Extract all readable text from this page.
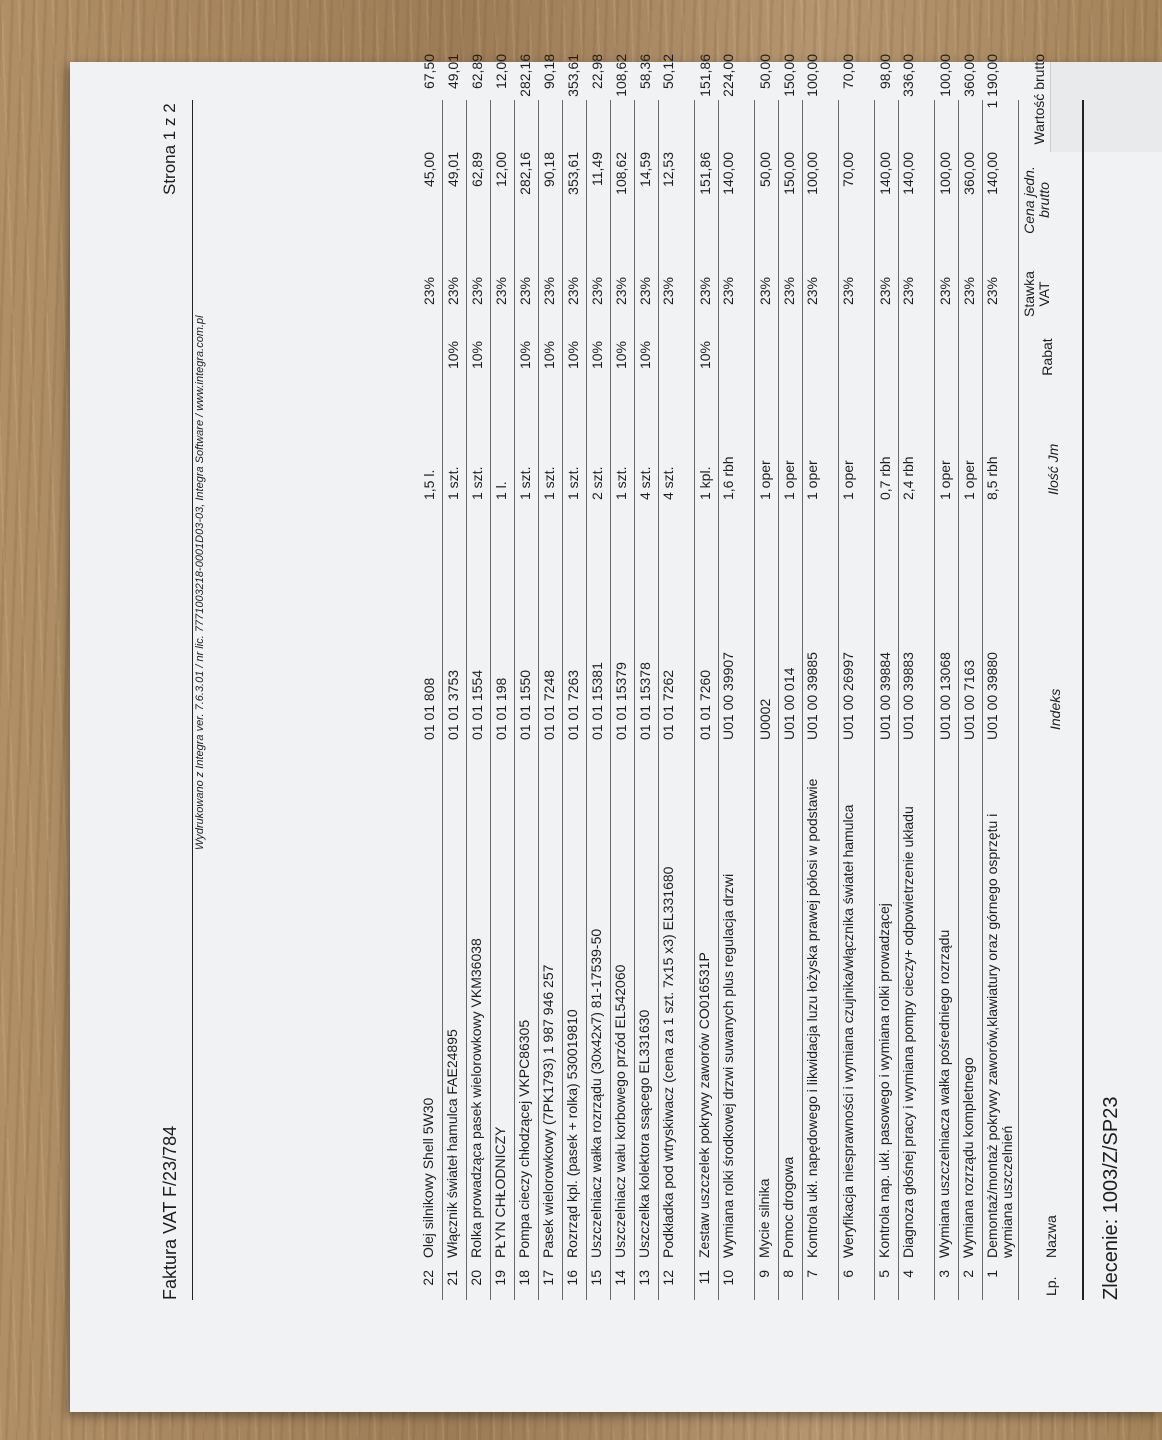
Zlecenie: 1003/Z/SP23
Lp.
Nazwa
Indeks
Ilość Jm
Rabat
Stawka VAT
Cena jedn. brutto
Wartość brutto
1
Demontaż/montaż pokrywy zaworów,klawiatury oraz górnego osprzętu i wymiana uszczelnień
U01 00 39880
8,5 rbh
23%
140,00
1 190,00
2
Wymiana rozrządu kompletnego
U01 00 7163
1 oper
23%
360,00
360,00
3
Wymiana uszczelniacza wałka pośredniego rozrządu
U01 00 13068
1 oper
23%
100,00
100,00
4
Diagnoza głośnej pracy i wymiana pompy cieczy+ odpowietrzenie układu
U01 00 39883
2,4 rbh
23%
140,00
336,00
5
Kontrola nap. ukł. pasowego i wymiana rolki prowadzącej
U01 00 39884
0,7 rbh
23%
140,00
98,00
6
Weryfikacja niesprawności i wymiana czujnika/włącznika świateł hamulca
U01 00 26997
1 oper
23%
70,00
70,00
7
Kontrola ukł. napędowego i likwidacja luzu łożyska prawej półosi w podstawie
U01 00 39885
1 oper
23%
100,00
100,00
8
Pomoc drogowa
U01 00 014
1 oper
23%
150,00
150,00
9
Mycie silnika
U0002
1 oper
23%
50,00
50,00
10
Wymiana rolki środkowej drzwi suwanych plus regulacja drzwi
U01 00 39907
1,6 rbh
23%
140,00
224,00
11
Zestaw uszczelek pokrywy zaworów CO016531P
01 01 7260
1 kpl.
10%
23%
151,86
151,86
12
Podkładka pod wtryskiwacz (cena za 1 szt. 7x15 x3) EL331680
01 01 7262
4 szt.
23%
12,53
50,12
13
Uszczelka kolektora ssącego EL331630
01 01 15378
4 szt.
10%
23%
14,59
58,36
14
Uszczelniacz wału korbowego przód EL542060
01 01 15379
1 szt.
10%
23%
108,62
108,62
15
Uszczelniacz wałka rozrządu (30x42x7) 81-17539-50
01 01 15381
2 szt.
10%
23%
11,49
22,98
16
Rozrząd kpl. (pasek + rolka) 530019810
01 01 7263
1 szt.
10%
23%
353,61
353,61
17
Pasek wielorowkowy (7PK1793) 1 987 946 257
01 01 7248
1 szt.
10%
23%
90,18
90,18
18
Pompa cieczy chłodzącej VKPC86305
01 01 1550
1 szt.
10%
23%
282,16
282,16
19
PŁYN CHŁODNICZY
01 01 198
1 l.
23%
12,00
12,00
20
Rolka prowadząca pasek wielorowkowy VKM36038
01 01 1554
1 szt.
10%
23%
62,89
62,89
21
Włącznik świateł hamulca FAE24895
01 01 3753
1 szt.
10%
23%
49,01
49,01
22
Olej silnikowy Shell 5W30
01 01 808
1,5 l.
23%
45,00
67,50
Faktura VAT F/23/784
Strona 1 z 2
Wydrukowano z Integra ver. 7.6.3.01 / nr lic. 7771003218-0001D03-03, Integra Software / www.integra.com.pl
